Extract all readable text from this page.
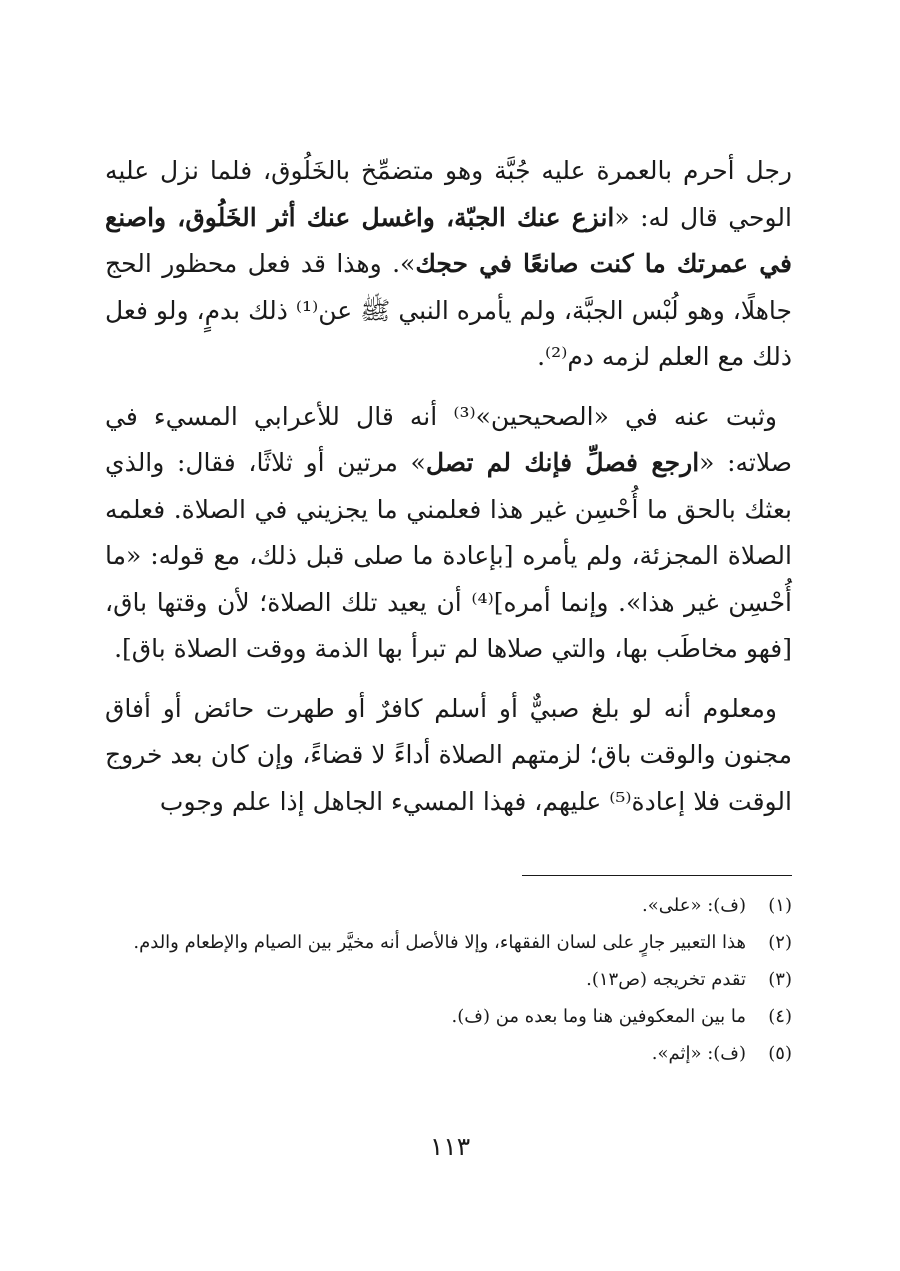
رجل أحرم بالعمرة عليه جُبَّة وهو متضمِّخ بالخَلُوق، فلما نزل عليه الوحي قال له: «انزع عنك الجبّة، واغسل عنك أثر الخَلُوق، واصنع في عمرتك ما كنت صانعًا في حجك». وهذا قد فعل محظور الحج جاهلًا، وهو لُبْس الجبَّة، ولم يأمره النبي ﷺ عن⁽¹⁾ ذلك بدمٍ، ولو فعل ذلك مع العلم لزمه دم⁽²⁾.

وثبت عنه في «الصحيحين»⁽³⁾ أنه قال للأعرابي المسيء في صلاته: «ارجع فصلِّ فإنك لم تصل» مرتين أو ثلاثًا، فقال: والذي بعثك بالحق ما أُحْسِن غير هذا فعلمني ما يجزيني في الصلاة. فعلمه الصلاة المجزئة، ولم يأمره [بإعادة ما صلى قبل ذلك، مع قوله: «ما أُحْسِن غير هذا». وإنما أمره]⁽⁴⁾ أن يعيد تلك الصلاة؛ لأن وقتها باق، [فهو مخاطَب بها، والتي صلاها لم تبرأ بها الذمة ووقت الصلاة باق].

ومعلوم أنه لو بلغ صبيٌّ أو أسلم كافرٌ أو طهرت حائض أو أفاق مجنون والوقت باق؛ لزمتهم الصلاة أداءً لا قضاءً، وإن كان بعد خروج الوقت فلا إعادة⁽⁵⁾ عليهم، فهذا المسيء الجاهل إذا علم وجوب

(١)
(ف): «على».
(٢)
هذا التعبير جارٍ على لسان الفقهاء، وإلا فالأصل أنه مخيَّر بين الصيام والإطعام والدم.
(٣)
تقدم تخريجه (ص١٣).
(٤)
ما بين المعكوفين هنا وما بعده من (ف).
(٥)
(ف): «إثم».
١١٣
